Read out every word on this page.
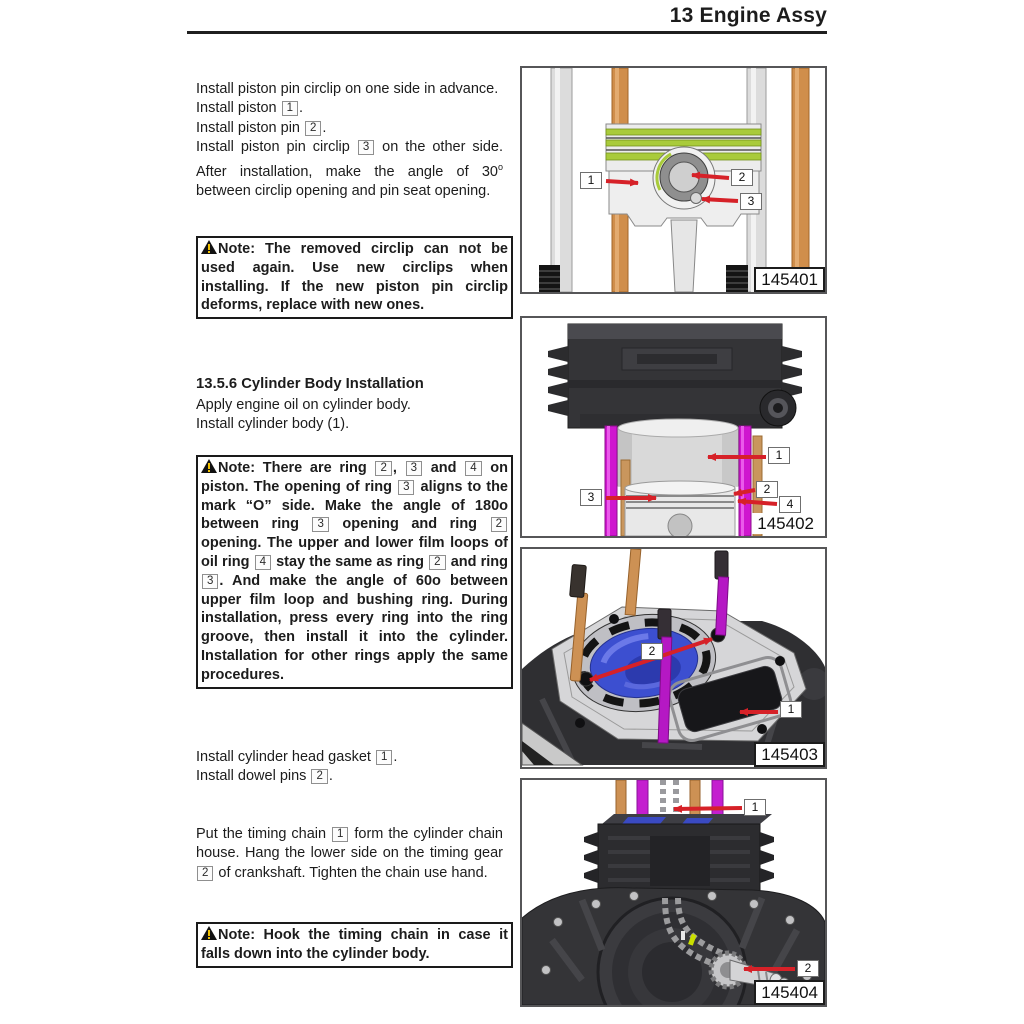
13 Engine Assy

Install piston pin circlip on one side in advance.

Install piston 1 .

Install piston pin 2 .

Install piston pin circlip 3 on the other side. After installation, make the angle of 30$^o$ between circlip opening and pin seat opening.

Note: The removed circlip can not be used again. Use new circlips when installing. If the new piston pin circlip deforms, replace with new ones.
13.5.6 Cylinder Body Installation

Apply engine oil on cylinder body.

Install cylinder body (1).

Note: There are ring 2 , 3 and 4 on piston. The opening of ring 3 aligns to the mark “O” side. Make the angle of 180o between ring 3 opening and ring 2 opening. The upper and lower film loops of oil ring 4 stay the same as ring 2 and ring 3 . And make the angle of 60o between upper film loop and bushing ring. During installation, press every ring into the ring groove, then install it into the cylinder. Installation for other rings apply the same procedures.

Install cylinder head gasket 1 .

Install dowel pins 2 .

Put the timing chain 1 form the cylinder chain house. Hang the lower side on the timing gear 2 of crankshaft. Tighten the chain use hand.

Note: Hook the timing chain in case it falls down into the cylinder body.
1	2
3
145401
1
2
3	4
145402
2
1
145403
1
2
145404
